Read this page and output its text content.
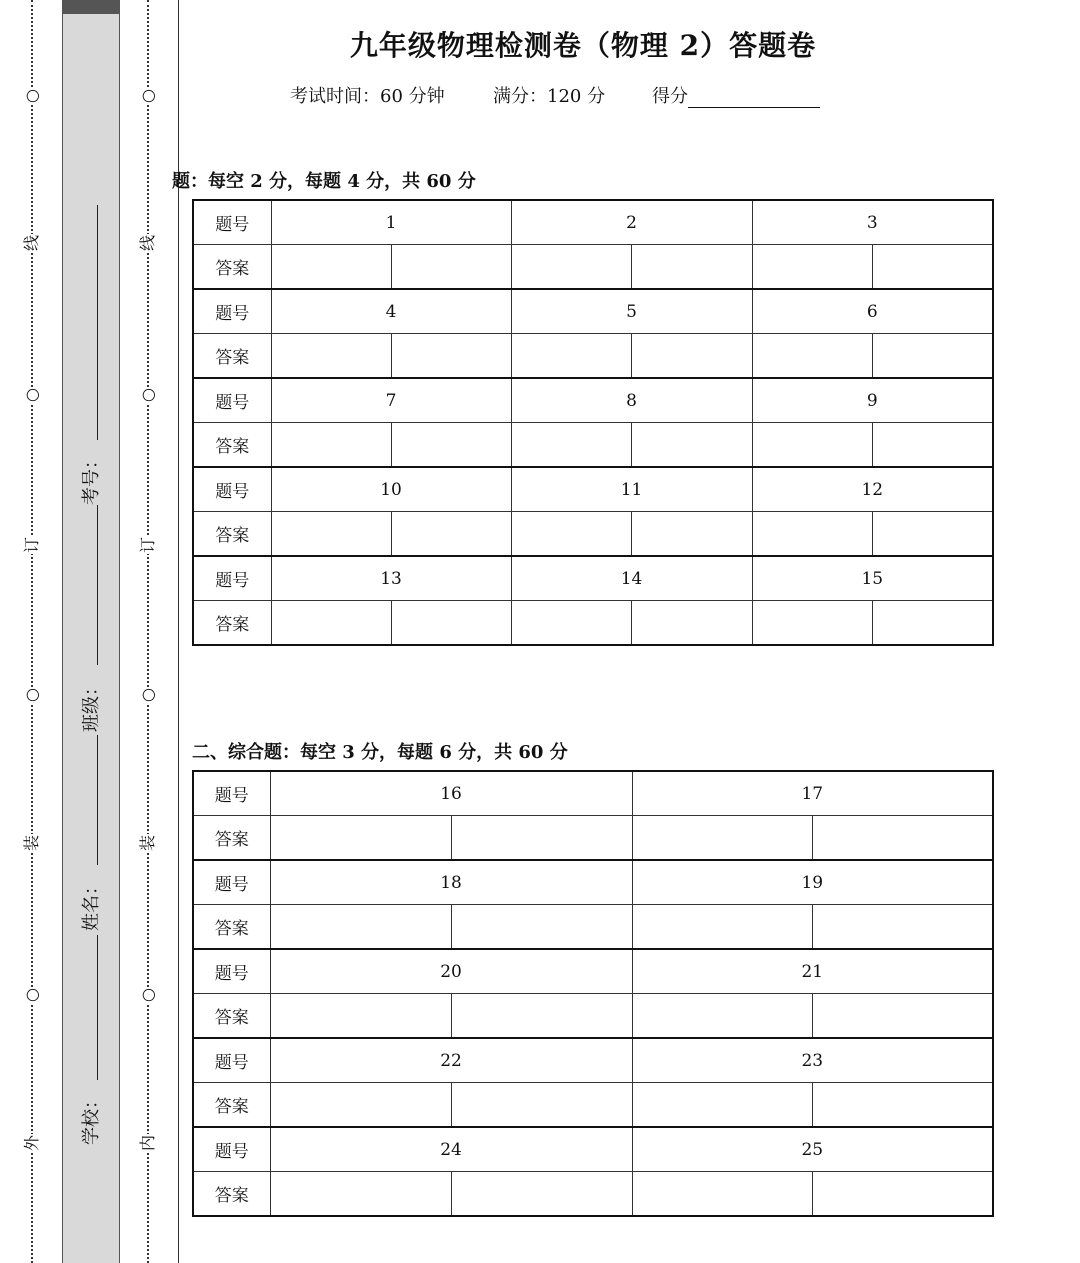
○
线
○
订
○
装
○
外
○
线
○
订
○
装
○
内
考号：
班级：
姓名：
学校：
九年级物理检测卷（物理 2）答题卷
考试时间：60 分钟	满分：120 分	得分
题：每空 2 分，每题 4 分，共 60 分
题号	1		2		3	
答案						
题号	4		5		6	
答案						
题号	7		8		9	
答案						
题号	10		11		12	
答案						
题号	13		14		15	
答案						
二、综合题：每空 3 分，每题 6 分，共 60 分
题号	16		17	
答案				
题号	18		19	
答案				
题号	20		21	
答案				
题号	22		23	
答案				
题号	24		25	
答案				
